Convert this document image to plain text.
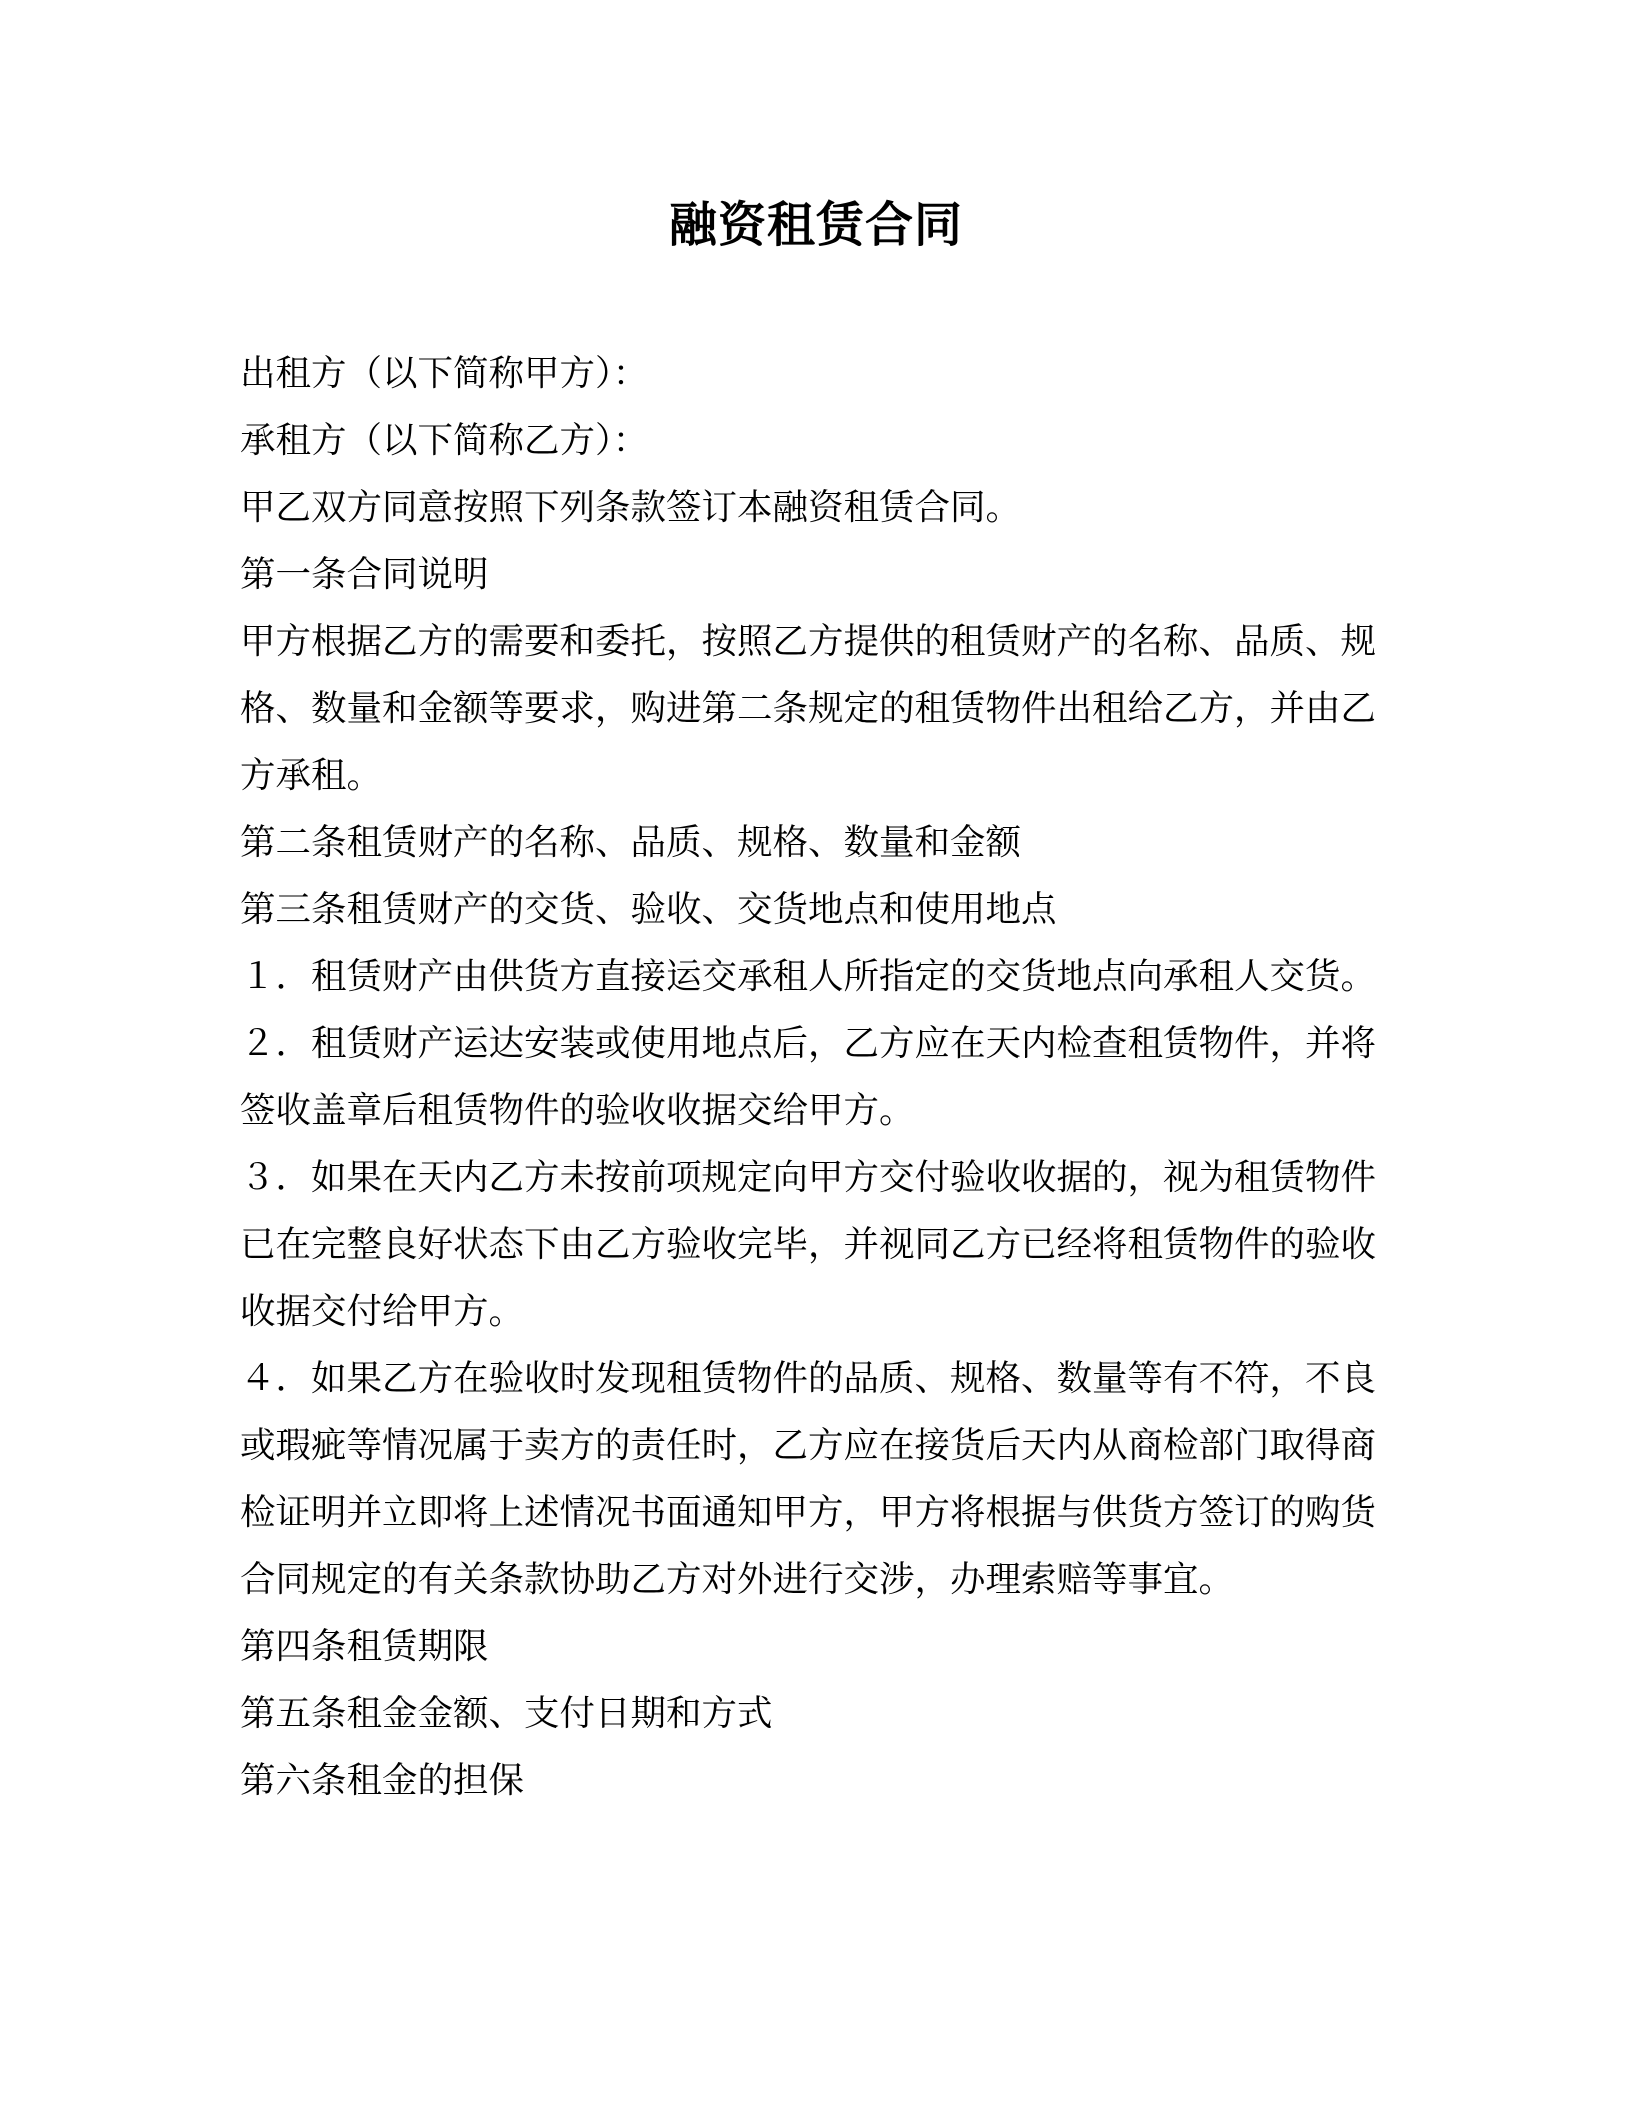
融资租赁合同

出租方（以下简称甲方）：

承租方（以下简称乙方）：

甲乙双方同意按照下列条款签订本融资租赁合同。

第一条合同说明

甲方根据乙方的需要和委托，按照乙方提供的租赁财产的名称、品质、规格、数量和金额等要求，购进第二条规定的租赁物件出租给乙方，并由乙方承租。

第二条租赁财产的名称、品质、规格、数量和金额

第三条租赁财产的交货、验收、交货地点和使用地点

１．租赁财产由供货方直接运交承租人所指定的交货地点向承租人交货。

２．租赁财产运达安装或使用地点后，乙方应在天内检查租赁物件，并将签收盖章后租赁物件的验收收据交给甲方。

３．如果在天内乙方未按前项规定向甲方交付验收收据的，视为租赁物件已在完整良好状态下由乙方验收完毕，并视同乙方已经将租赁物件的验收收据交付给甲方。

４．如果乙方在验收时发现租赁物件的品质、规格、数量等有不符，不良或瑕疵等情况属于卖方的责任时，乙方应在接货后天内从商检部门取得商检证明并立即将上述情况书面通知甲方，甲方将根据与供货方签订的购货合同规定的有关条款协助乙方对外进行交涉，办理索赔等事宜。

第四条租赁期限

第五条租金金额、支付日期和方式

第六条租金的担保
